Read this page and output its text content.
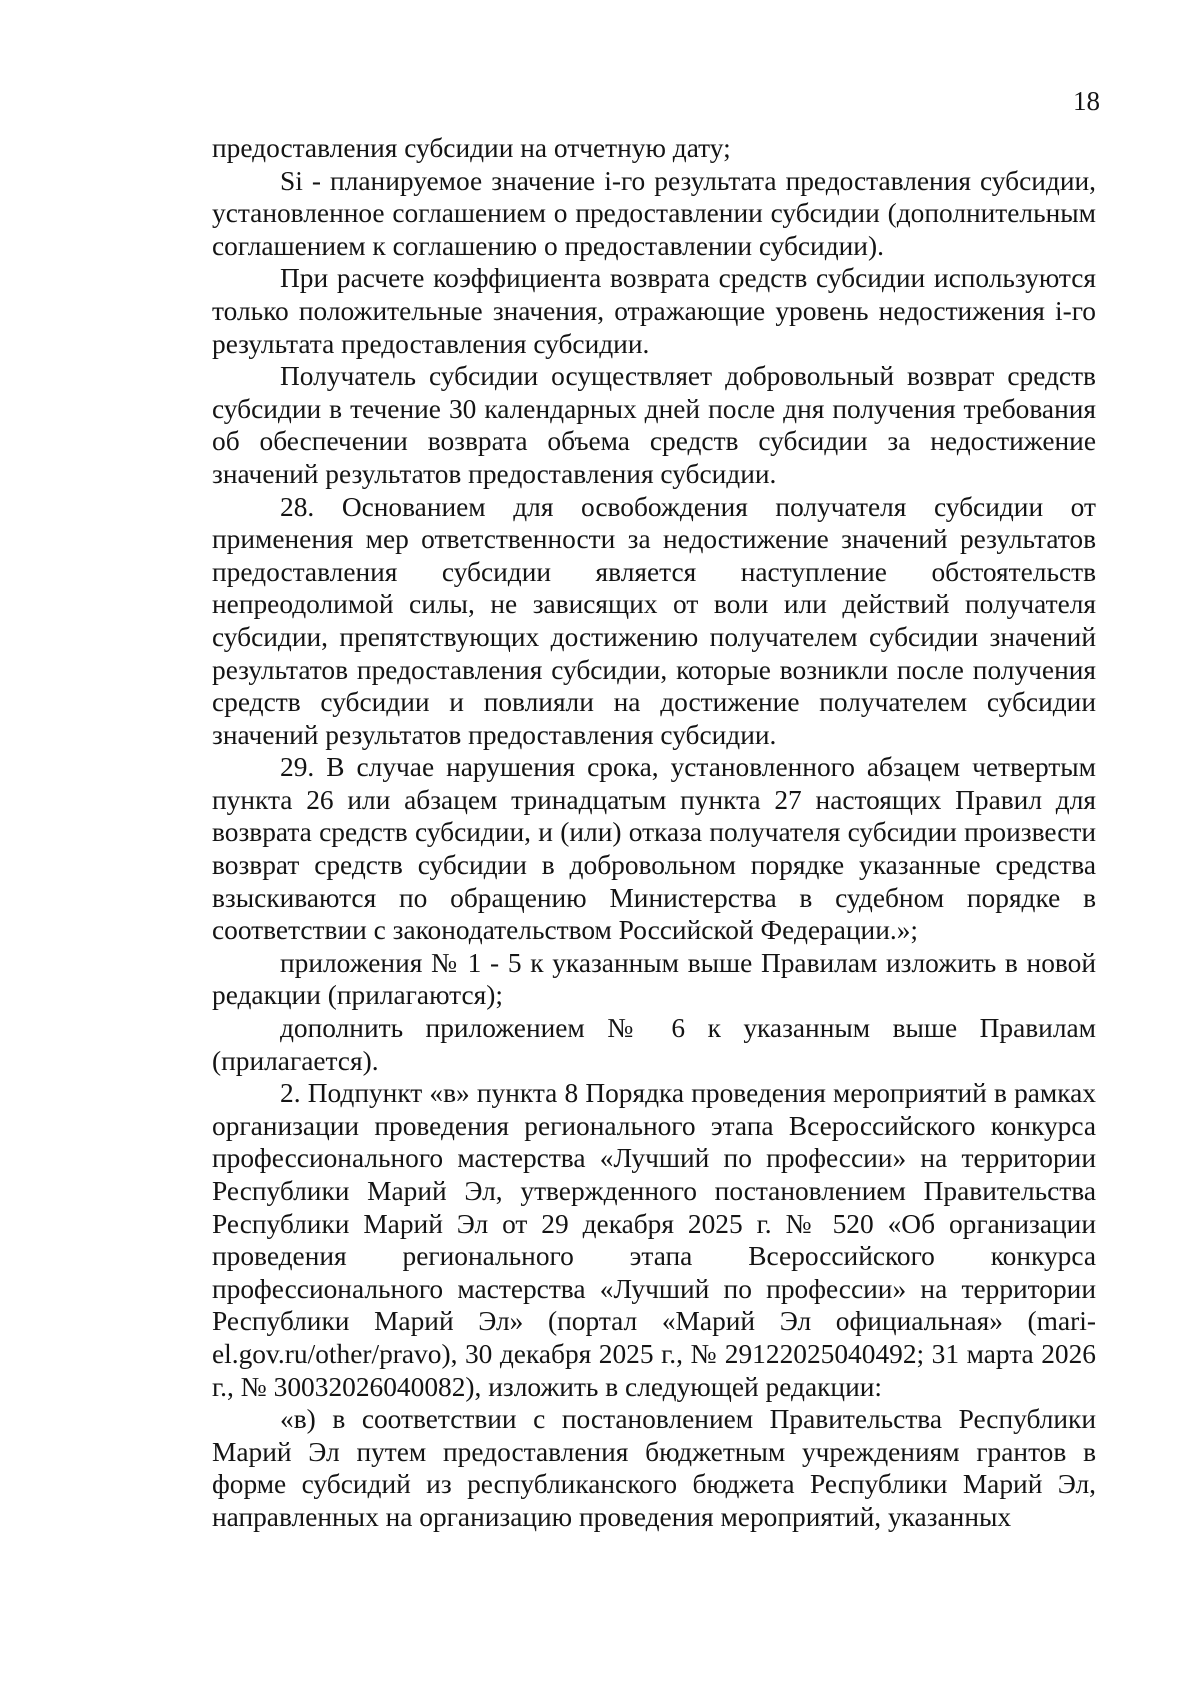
18

предоставления субсидии на отчетную дату;

Si - планируемое значение i-го результата предоставления субсидии, установленное соглашением о предоставлении субсидии (дополнительным соглашением к соглашению о предоставлении субсидии).

При расчете коэффициента возврата средств субсидии используются только положительные значения, отражающие уровень недостижения i-го результата предоставления субсидии.

Получатель субсидии осуществляет добровольный возврат средств субсидии в течение 30 календарных дней после дня получения требования об обеспечении возврата объема средств субсидии за недостижение значений результатов предоставления субсидии.

28. Основанием для освобождения получателя субсидии от применения мер ответственности за недостижение значений результатов предоставления субсидии является наступление обстоятельств непреодолимой силы, не зависящих от воли или действий получателя субсидии, препятствующих достижению получателем субсидии значений результатов предоставления субсидии, которые возникли после получения средств субсидии и повлияли на достижение получателем субсидии значений результатов предоставления субсидии.

29. В случае нарушения срока, установленного абзацем четвертым пункта 26 или абзацем тринадцатым пункта 27 настоящих Правил для возврата средств субсидии, и (или) отказа получателя субсидии произвести возврат средств субсидии в добровольном порядке указанные средства взыскиваются по обращению Министерства в судебном порядке в соответствии с законодательством Российской Федерации.»;

приложения № 1 - 5 к указанным выше Правилам изложить в новой редакции (прилагаются);

дополнить приложением № 6 к указанным выше Правилам (прилагается).

2. Подпункт «в» пункта 8 Порядка проведения мероприятий в рамках организации проведения регионального этапа Всероссийского конкурса профессионального мастерства «Лучший по профессии» на территории Республики Марий Эл, утвержденного постановлением Правительства Республики Марий Эл от 29 декабря 2025 г. № 520 «Об организации проведения регионального этапа Всероссийского конкурса профессионального мастерства «Лучший по профессии» на территории Республики Марий Эл» (портал «Марий Эл официальная» (mari-el.gov.ru/other/pravo), 30 декабря 2025 г., № 29122025040492; 31 марта 2026 г., № 30032026040082), изложить в следующей редакции:

«в) в соответствии с постановлением Правительства Республики Марий Эл путем предоставления бюджетным учреждениям грантов в форме субсидий из республиканского бюджета Республики Марий Эл, направленных на организацию проведения мероприятий, указанных
